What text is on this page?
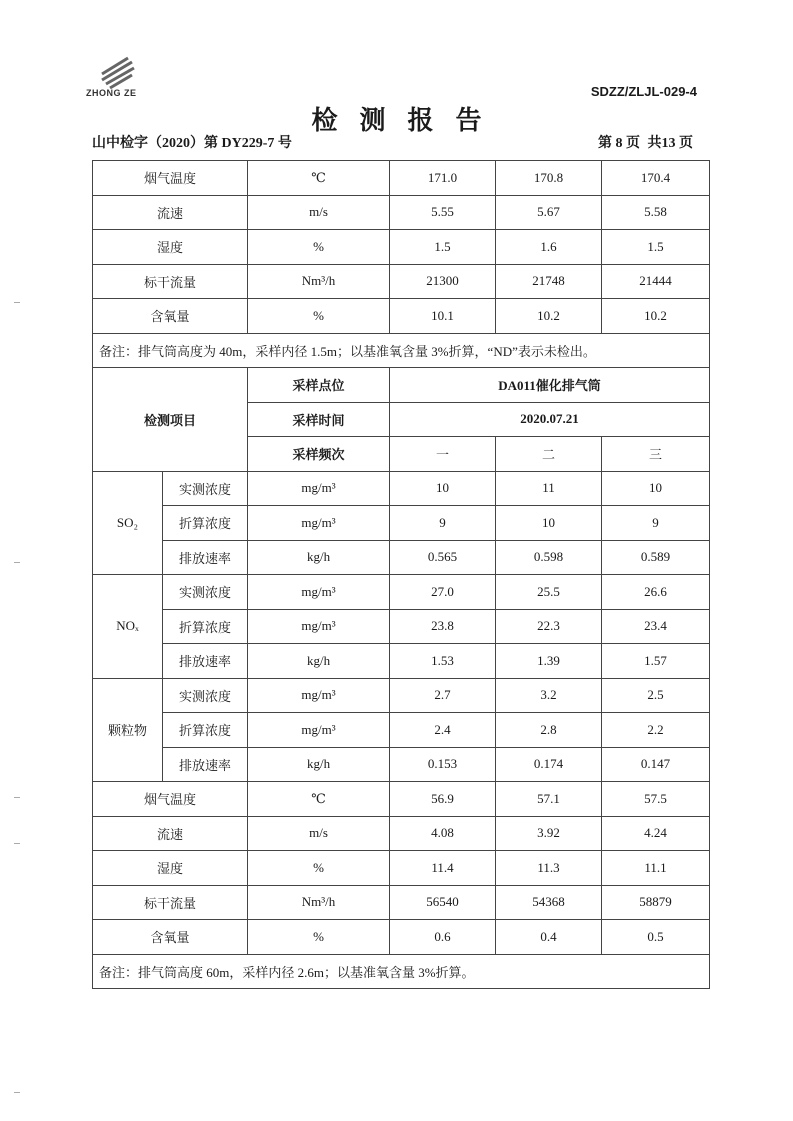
ZHONG ZE	SDZZ/ZLJL-029-4
检测报告
山中检字（2020）第 DY229-7 号	第 8 页 共13 页
烟气温度		℃	171.0	170.8	170.4
流速		m/s	5.55	5.67	5.58
湿度		%	1.5	1.6	1.5
标干流量		Nm³/h	21300	21748	21444
含氧量		%	10.1	10.2	10.2
备注：排气筒高度为 40m，采样内径 1.5m；以基准氧含量 3%折算，“ND”表示未检出。					
检测项目		采样点位	DA011催化排气筒		
		采样时间	2020.07.21		
		采样频次	一	二	三
SO₂	实测浓度	mg/m³	10	11	10
	折算浓度	mg/m³	9	10	9
	排放速率	kg/h	0.565	0.598	0.589
NOₓ	实测浓度	mg/m³	27.0	25.5	26.6
	折算浓度	mg/m³	23.8	22.3	23.4
	排放速率	kg/h	1.53	1.39	1.57
颗粒物	实测浓度	mg/m³	2.7	3.2	2.5
	折算浓度	mg/m³	2.4	2.8	2.2
	排放速率	kg/h	0.153	0.174	0.147
烟气温度		℃	56.9	57.1	57.5
流速		m/s	4.08	3.92	4.24
湿度		%	11.4	11.3	11.1
标干流量		Nm³/h	56540	54368	58879
含氧量		%	0.6	0.4	0.5
备注：排气筒高度 60m，采样内径 2.6m；以基准氧含量 3%折算。					
